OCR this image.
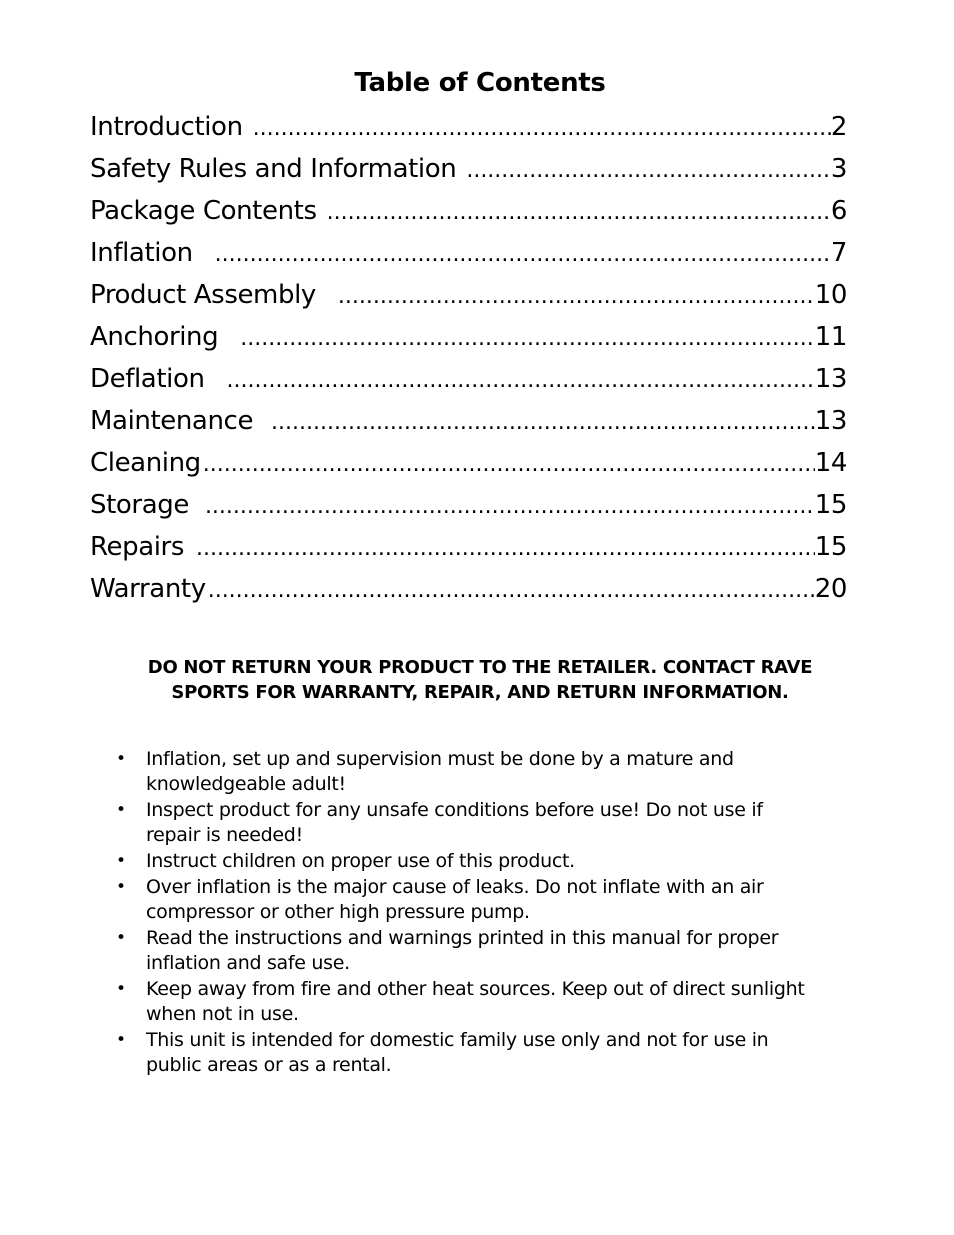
Table of Contents
Introduction .....	2
Safety Rules and Information .....	3
Package Contents .....	6
Inflation .....	7
Product Assembly .....	10
Anchoring .....	11
Deflation .....	13
Maintenance .....	13
Cleaning .....	14
Storage .....	15
Repairs .....	15
Warranty .....	20
DO NOT RETURN YOUR PRODUCT TO THE RETAILER. CONTACT RAVE
SPORTS FOR WARRANTY, REPAIR, AND RETURN INFORMATION.
• Inflation, set up and supervision must be done by a mature and
knowledgeable adult!
• Inspect product for any unsafe conditions before use! Do not use if
repair is needed!
• Instruct children on proper use of this product.
• Over inflation is the major cause of leaks. Do not inflate with an air
compressor or other high pressure pump.
• Read the instructions and warnings printed in this manual for proper
inflation and safe use.
• Keep away from fire and other heat sources. Keep out of direct sunlight
when not in use.
• This unit is intended for domestic family use only and not for use in
public areas or as a rental.
